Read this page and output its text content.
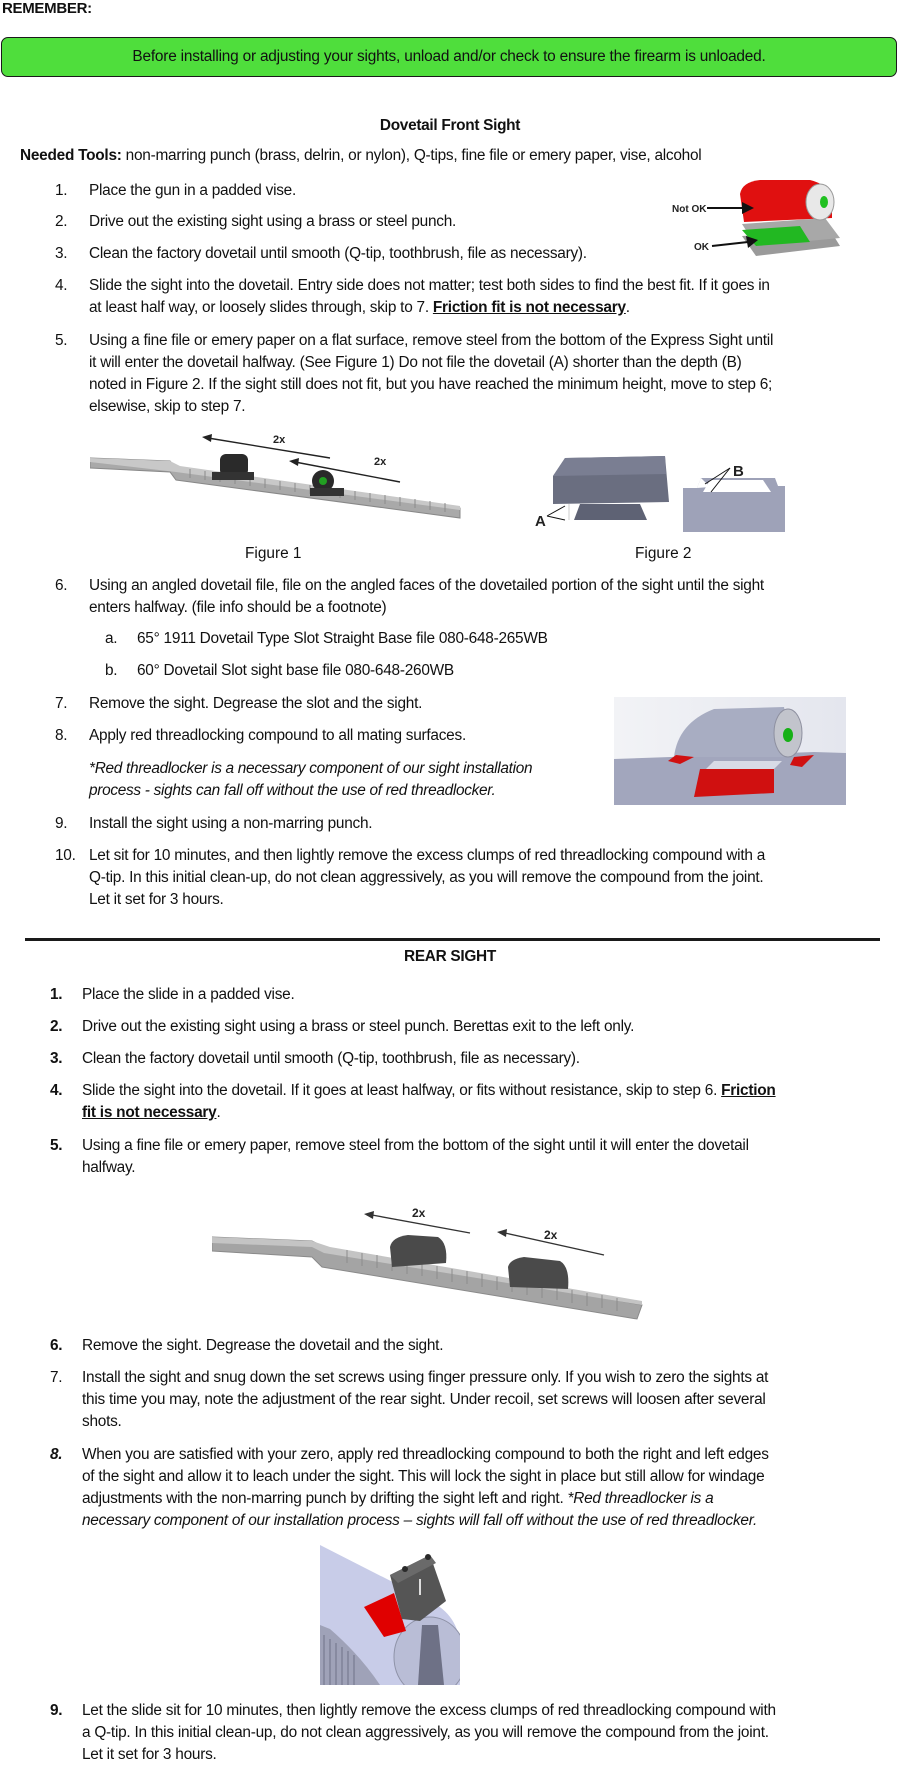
REMEMBER:
Before installing or adjusting your sights, unload and/or check to ensure the firearm is unloaded.
Dovetail Front Sight
Needed Tools: non-marring punch (brass, delrin, or nylon), Q-tips, fine file or emery paper, vise, alcohol
1.	Place the gun in a padded vise.
2.	Drive out the existing sight using a brass or steel punch.
3.	Clean the factory dovetail until smooth (Q-tip, toothbrush, file as necessary).
4.	Slide the sight into the dovetail. Entry side does not matter; test both sides to find the best fit. If it goes in
at least half way, or loosely slides through, skip to 7. Friction fit is not necessary.
5.	Using a fine file or emery paper on a flat surface, remove steel from the bottom of the Express Sight until
it will enter the dovetail halfway. (See Figure 1) Do not file the dovetail (A) shorter than the depth (B)
noted in Figure 2. If the sight still does not fit, but you have reached the minimum height, move to step 6;
elsewise, skip to step 7.
Not OK
OK
2x
2x
Figure 1
A
B
Figure 2
6.	Using an angled dovetail file, file on the angled faces of the dovetailed portion of the sight until the sight
enters halfway. (file info should be a footnote)
a.	65° 1911 Dovetail Type Slot Straight Base file 080-648-265WB
b.	60° Dovetail Slot sight base file 080-648-260WB
7.	Remove the sight. Degrease the slot and the sight.
8.	Apply red threadlocking compound to all mating surfaces.
*Red threadlocker is a necessary component of our sight installation
process - sights can fall off without the use of red threadlocker.
9.	Install the sight using a non-marring punch.
10. Let sit for 10 minutes, and then lightly remove the excess clumps of red threadlocking compound with a
Q-tip. In this initial clean-up, do not clean aggressively, as you will remove the compound from the joint.
Let it set for 3 hours.
REAR SIGHT
1.	Place the slide in a padded vise.
2.	Drive out the existing sight using a brass or steel punch. Berettas exit to the left only.
3.	Clean the factory dovetail until smooth (Q-tip, toothbrush, file as necessary).
4.	Slide the sight into the dovetail. If it goes at least halfway, or fits without resistance, skip to step 6. Friction
fit is not necessary.
5.	Using a fine file or emery paper, remove steel from the bottom of the sight until it will enter the dovetail
halfway.
2x
2x
6.	Remove the sight. Degrease the dovetail and the sight.
7.	Install the sight and snug down the set screws using finger pressure only. If you wish to zero the sights at
this time you may, note the adjustment of the rear sight. Under recoil, set screws will loosen after several
shots.
8.	When you are satisfied with your zero, apply red threadlocking compound to both the right and left edges
of the sight and allow it to leach under the sight. This will lock the sight in place but still allow for windage
adjustments with the non-marring punch by drifting the sight left and right. *Red threadlocker is a
necessary component of our installation process – sights will fall off without the use of red threadlocker.
9.	Let the slide sit for 10 minutes, then lightly remove the excess clumps of red threadlocking compound with
a Q-tip. In this initial clean-up, do not clean aggressively, as you will remove the compound from the joint.
Let it set for 3 hours.
